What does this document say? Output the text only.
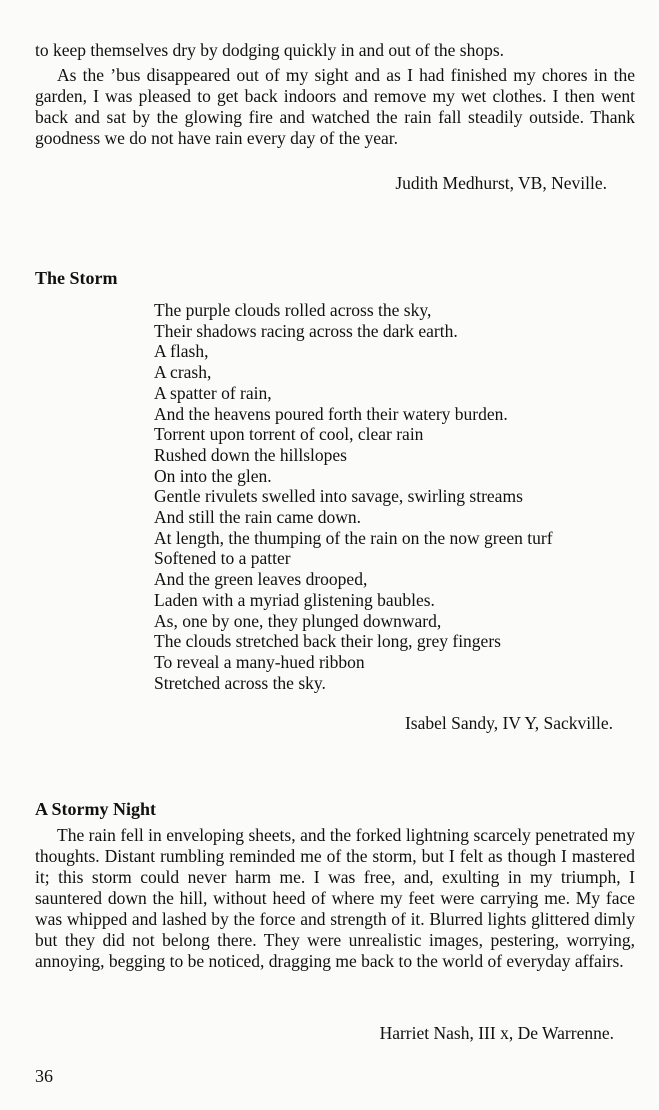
to keep themselves dry by dodging quickly in and out of the shops.

As the ’bus disappeared out of my sight and as I had finished my chores in the garden, I was pleased to get back indoors and remove my wet clothes. I then went back and sat by the glowing fire and watched the rain fall steadily outside. Thank goodness we do not have rain every day of the year.

Judith Medhurst, VB, Neville.
The Storm
The purple clouds rolled across the sky,
Their shadows racing across the dark earth.
A flash,
A crash,
A spatter of rain,
And the heavens poured forth their watery burden.
Torrent upon torrent of cool, clear rain
Rushed down the hillslopes
On into the glen.
Gentle rivulets swelled into savage, swirling streams
And still the rain came down.
At length, the thumping of the rain on the now green turf
Softened to a patter
And the green leaves drooped,
Laden with a myriad glistening baubles.
As, one by one, they plunged downward,
The clouds stretched back their long, grey fingers
To reveal a many-hued ribbon
Stretched across the sky.
Isabel Sandy, IV Y, Sackville.
A Stormy Night

The rain fell in enveloping sheets, and the forked lightning scarcely penetrated my thoughts. Distant rumbling reminded me of the storm, but I felt as though I mastered it; this storm could never harm me. I was free, and, exulting in my triumph, I sauntered down the hill, without heed of where my feet were carrying me. My face was whipped and lashed by the force and strength of it. Blurred lights glittered dimly but they did not belong there. They were unrealistic images, pestering, worrying, annoying, begging to be noticed, dragging me back to the world of everyday affairs.

Harriet Nash, III x, De Warrenne.
36
